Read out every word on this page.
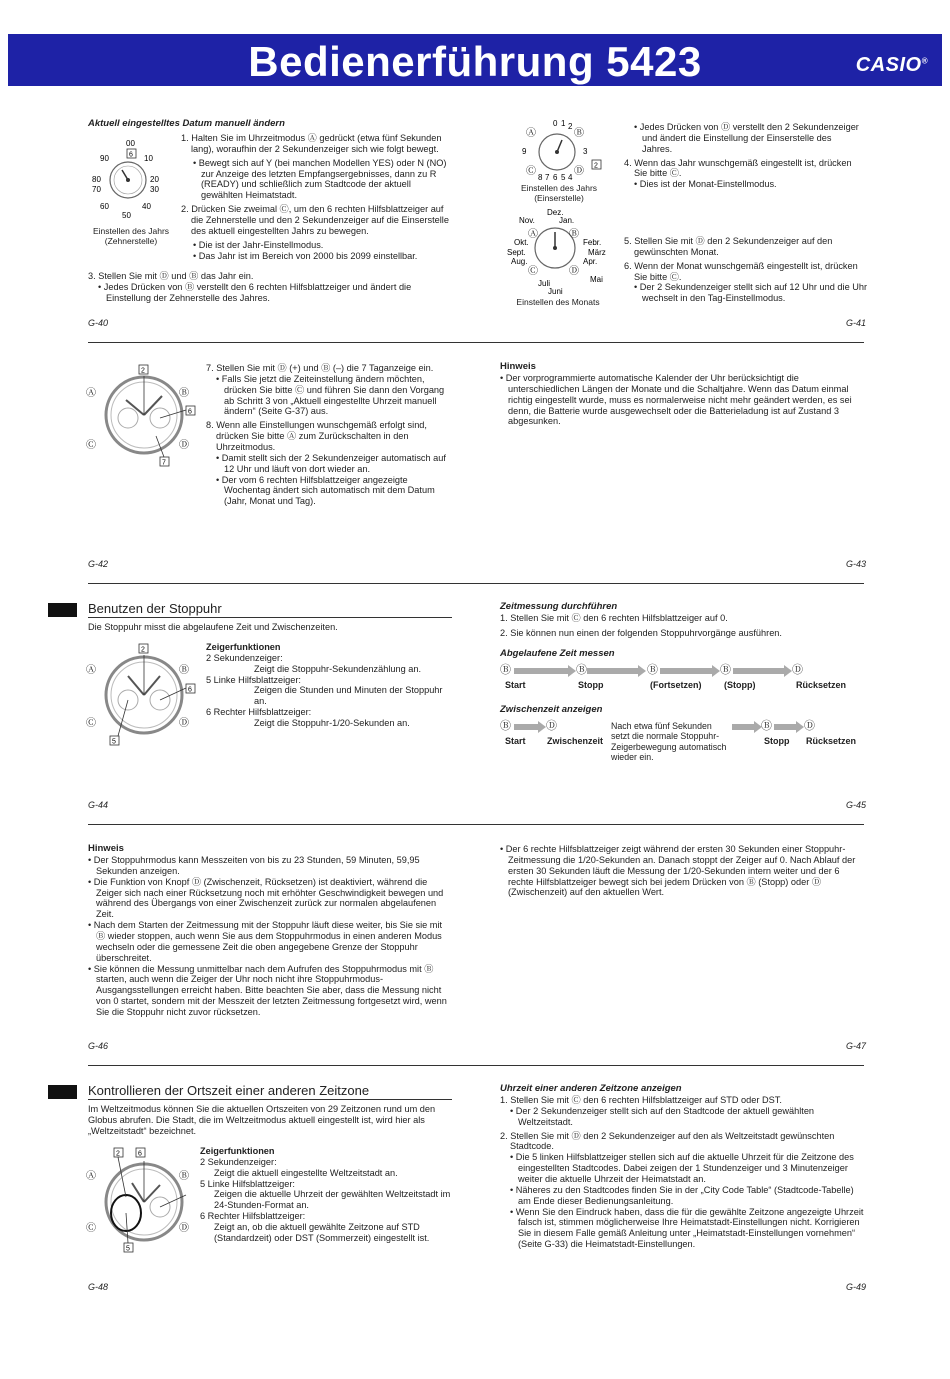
Bedienerführung 5423	CASIO®
Aktuell eingestelltes Datum manuell ändern
00
6
90	10
80	20
70	30
60	40
50
Einstellen des Jahrs
(Zehnerstelle)
1. Halten Sie im Uhrzeitmodus Ⓐ gedrückt (etwa fünf Sekunden lang), woraufhin der 2 Sekundenzeiger sich wie folgt bewegt.
• Bewegt sich auf Y (bei manchen Modellen YES) oder N (NO) zur Anzeige des letzten Empfangsergebnisses, dann zu R (READY) und schließlich zum Stadtcode der aktuell gewählten Heimatstadt.
2. Drücken Sie zweimal Ⓒ, um den 6 rechten Hilfsblattzeiger auf die Zehnerstelle und den 2 Sekundenzeiger auf die Einserstelle des aktuell eingestellten Jahrs zu bewegen.
• Die ist der Jahr-Einstellmodus.
• Das Jahr ist im Bereich von 2000 bis 2099 einstellbar.
3. Stellen Sie mit Ⓓ und Ⓑ das Jahr ein.
• Jedes Drücken von Ⓑ verstellt den 6 rechten Hilfsblattzeiger und ändert die Einstellung der Zehnerstelle des Jahres.
G-40
0 1 2
3
4
5
6
7
8
9
Ⓐ	Ⓑ
Ⓒ	Ⓓ 2
Einstellen des Jahrs
(Einserstelle)
Dez.
Nov.	Jan.
Ⓐ	Ⓑ
Okt.	Febr.
Sept.	März
Aug.	Apr.
Ⓒ	Ⓓ
Mai
Juli
Juni
Einstellen des Monats
• Jedes Drücken von Ⓓ verstellt den 2 Sekundenzeiger und ändert die Einstellung der Einserstelle des Jahres.
4. Wenn das Jahr wunschgemäß eingestellt ist, drücken Sie bitte Ⓒ.
• Dies ist der Monat-Einstellmodus.
5. Stellen Sie mit Ⓓ den 2 Sekundenzeiger auf den gewünschten Monat.
6. Wenn der Monat wunschgemäß eingestellt ist, drücken Sie bitte Ⓒ.
• Der 2 Sekundenzeiger stellt sich auf 12 Uhr und die Uhr wechselt in den Tag-Einstellmodus.
G-41
2
6
7
Ⓐ	Ⓑ
Ⓒ	Ⓓ
7. Stellen Sie mit Ⓓ (+) und Ⓑ (–) die 7 Taganzeige ein.
• Falls Sie jetzt die Zeiteinstellung ändern möchten, drücken Sie bitte Ⓒ und führen Sie dann den Vorgang ab Schritt 3 von „Aktuell eingestellte Uhrzeit manuell ändern“ (Seite G-37) aus.
8. Wenn alle Einstellungen wunschgemäß erfolgt sind, drücken Sie bitte Ⓐ zum Zurückschalten in den Uhrzeitmodus.
• Damit stellt sich der 2 Sekundenzeiger automatisch auf 12 Uhr und läuft von dort wieder an.
• Der vom 6 rechten Hilfsblattzeiger angezeigte Wochentag ändert sich automatisch mit dem Datum (Jahr, Monat und Tag).
G-42
Hinweis
• Der vorprogrammierte automatische Kalender der Uhr berücksichtigt die unterschiedlichen Längen der Monate und die Schaltjahre. Wenn das Datum einmal richtig eingestellt wurde, muss es normalerweise nicht mehr geändert werden, es sei denn, die Batterie wurde ausgewechselt oder die Batterieladung ist auf Zustand 3 abgesunken.
G-43
Benutzen der Stoppuhr
Die Stoppuhr misst die abgelaufene Zeit und Zwischenzeiten.
2
6
5
Ⓐ	Ⓑ
Ⓒ	Ⓓ
Zeigerfunktionen
2 Sekundenzeiger:
Zeigt die Stoppuhr-Sekundenzählung an.
5 Linke Hilfsblattzeiger:
Zeigen die Stunden und Minuten der Stoppuhr an.
6 Rechter Hilfsblattzeiger:
Zeigt die Stoppuhr-1/20-Sekunden an.
G-44
Zeitmessung durchführen
1. Stellen Sie mit Ⓒ den 6 rechten Hilfsblattzeiger auf 0.
2. Sie können nun einen der folgenden Stoppuhrvorgänge ausführen.
Abgelaufene Zeit messen
Ⓑ	Ⓑ	Ⓑ	Ⓑ	Ⓓ
Start	Stopp	(Fortsetzen)	(Stopp)	Rücksetzen
Zwischenzeit anzeigen
Ⓑ	Ⓓ	Ⓑ	Ⓓ
Start Zwischenzeit
Nach etwa fünf Sekunden setzt die normale Stoppuhr-Zeigerbewegung automatisch wieder ein.
Stopp Rücksetzen
G-45
Hinweis
• Der Stoppuhrmodus kann Messzeiten von bis zu 23 Stunden, 59 Minuten, 59,95 Sekunden anzeigen.
• Die Funktion von Knopf Ⓓ (Zwischenzeit, Rücksetzen) ist deaktiviert, während die Zeiger sich nach einer Rücksetzung noch mit erhöhter Geschwindigkeit bewegen und während des Übergangs von einer Zwischenzeit zurück zur normalen abgelaufenen Zeit.
• Nach dem Starten der Zeitmessung mit der Stoppuhr läuft diese weiter, bis Sie sie mit Ⓑ wieder stoppen, auch wenn Sie aus dem Stoppuhrmodus in einen anderen Modus wechseln oder die gemessene Zeit die oben angegebene Grenze der Stoppuhr überschreitet.
• Sie können die Messung unmittelbar nach dem Aufrufen des Stoppuhrmodus mit Ⓑ starten, auch wenn die Zeiger der Uhr noch nicht ihre Stoppuhrmodus-Ausgangsstellungen erreicht haben. Bitte beachten Sie aber, dass die Messung nicht von 0 startet, sondern mit der Messzeit der letzten Zeitmessung fortgesetzt wird, wenn Sie die Stoppuhr nicht zuvor rücksetzen.
G-46
• Der 6 rechte Hilfsblattzeiger zeigt während der ersten 30 Sekunden einer Stoppuhr-Zeitmessung die 1/20-Sekunden an. Danach stoppt der Zeiger auf 0. Nach Ablauf der ersten 30 Sekunden läuft die Messung der 1/20-Sekunden intern weiter und der 6 rechte Hilfsblattzeiger bewegt sich bei jedem Drücken von Ⓑ (Stopp) oder Ⓓ (Zwischenzeit) auf den aktuellen Wert.
G-47
Kontrollieren der Ortszeit einer anderen Zeitzone
Im Weltzeitmodus können Sie die aktuellen Ortszeiten von 29 Zeitzonen rund um den Globus abrufen. Die Stadt, die im Weltzeitmodus aktuell eingestellt ist, wird hier als „Weltzeitstadt“ bezeichnet.
2	6
5
Ⓐ	Ⓑ
Ⓒ	Ⓓ
Zeigerfunktionen
2 Sekundenzeiger:
Zeigt die aktuell eingestellte Weltzeitstadt an.
5 Linke Hilfsblattzeiger:
Zeigen die aktuelle Uhrzeit der gewählten Weltzeitstadt im 24-Stunden-Format an.
6 Rechter Hilfsblattzeiger:
Zeigt an, ob die aktuell gewählte Zeitzone auf STD (Standardzeit) oder DST (Sommerzeit) eingestellt ist.
G-48
Uhrzeit einer anderen Zeitzone anzeigen
1. Stellen Sie mit Ⓒ den 6 rechten Hilfsblattzeiger auf STD oder DST.
• Der 2 Sekundenzeiger stellt sich auf den Stadtcode der aktuell gewählten Weltzeitstadt.
2. Stellen Sie mit Ⓓ den 2 Sekundenzeiger auf den als Weltzeitstadt gewünschten Stadtcode.
• Die 5 linken Hilfsblattzeiger stellen sich auf die aktuelle Uhrzeit für die Zeitzone des eingestellten Stadtcodes. Dabei zeigen der 1 Stundenzeiger und 3 Minutenzeiger weiter die aktuelle Uhrzeit der Heimatstadt an.
• Näheres zu den Stadtcodes finden Sie in der „City Code Table“ (Stadtcode-Tabelle) am Ende dieser Bedienungsanleitung.
• Wenn Sie den Eindruck haben, dass die für die gewählte Zeitzone angezeigte Uhrzeit falsch ist, stimmen möglicherweise Ihre Heimatstadt-Einstellungen nicht. Korrigieren Sie in diesem Falle gemäß Anleitung unter „Heimatstadt-Einstellungen vornehmen“ (Seite G-33) die Heimatstadt-Einstellungen.
G-49
